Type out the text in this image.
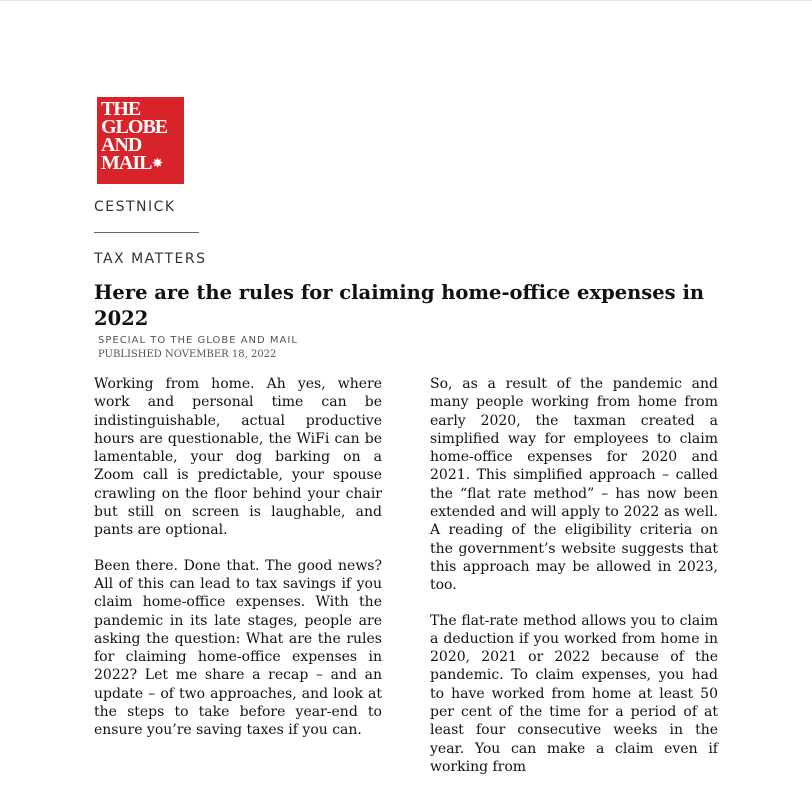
THE
GLOBE
AND
MAIL✸
CESTNICK
TAX MATTERS
Here are the rules for claiming home-office expenses in 2022
SPECIAL TO THE GLOBE AND MAIL
PUBLISHED NOVEMBER 18, 2022

Working from home. Ah yes, where work and personal time can be indistinguishable, actual productive hours are questionable, the WiFi can be lamentable, your dog barking on a Zoom call is predictable, your spouse crawling on the floor behind your chair but still on screen is laughable, and pants are optional.

Been there. Done that. The good news? All of this can lead to tax savings if you claim home-office expenses. With the pandemic in its late stages, people are asking the question: What are the rules for claiming home-office expenses in 2022? Let me share a recap – and an update – of two approaches, and look at the steps to take before year-end to ensure you’re saving taxes if you can.

So, as a result of the pandemic and many people working from home from early 2020, the taxman created a simplified way for employees to claim home-office expenses for 2020 and 2021. This simplified approach – called the “flat rate method” – has now been extended and will apply to 2022 as well. A reading of the eligibility criteria on the government’s website suggests that this approach may be allowed in 2023, too.

The flat-rate method allows you to claim a deduction if you worked from home in 2020, 2021 or 2022 because of the pandemic. To claim expenses, you had to have worked from home at least 50 per cent of the time for a period of at least four consecutive weeks in the year. You can make a claim even if working from
